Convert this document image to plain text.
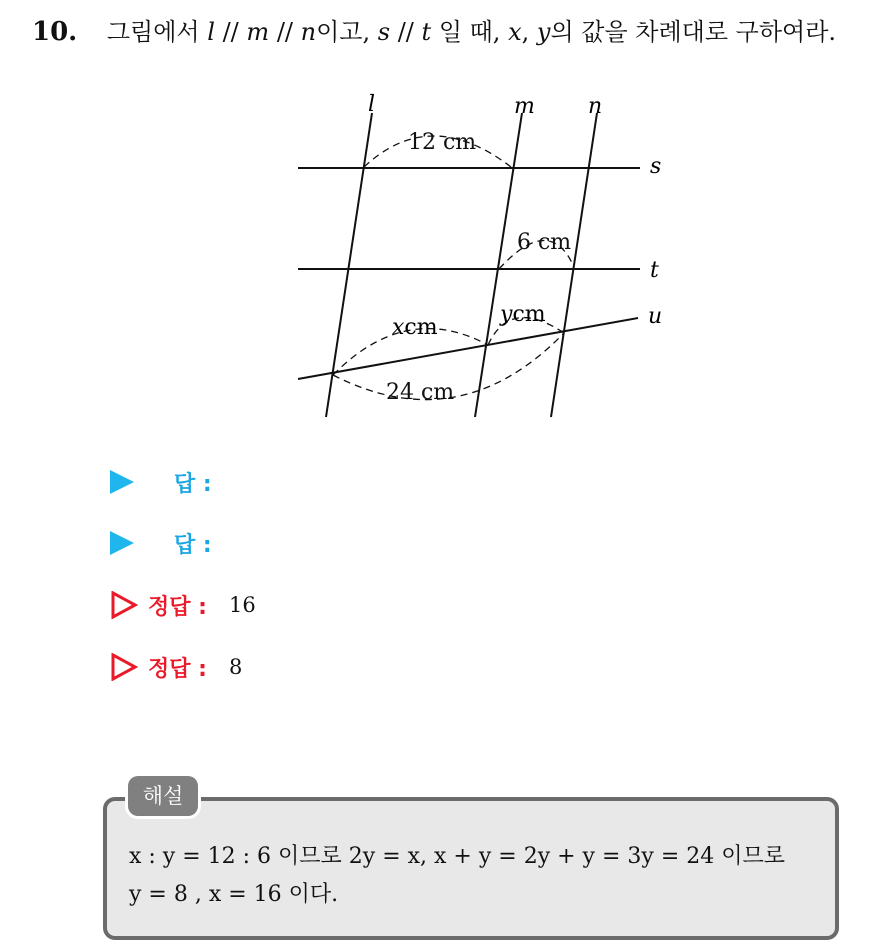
10. 그림에서 l // m // n이고, s // t 일 때, x, y의 값을 차례대로 구하여라.
l	m n
s
t
u
12 cm
6 cm
xcm
ycm
24 cm
답 :
답 :
정답 : 16
정답 : 8
x : y = 12 : 6 이므로 2y = x, x + y = 2y + y = 3y = 24 이므로
y = 8 , x = 16 이다.
해설
